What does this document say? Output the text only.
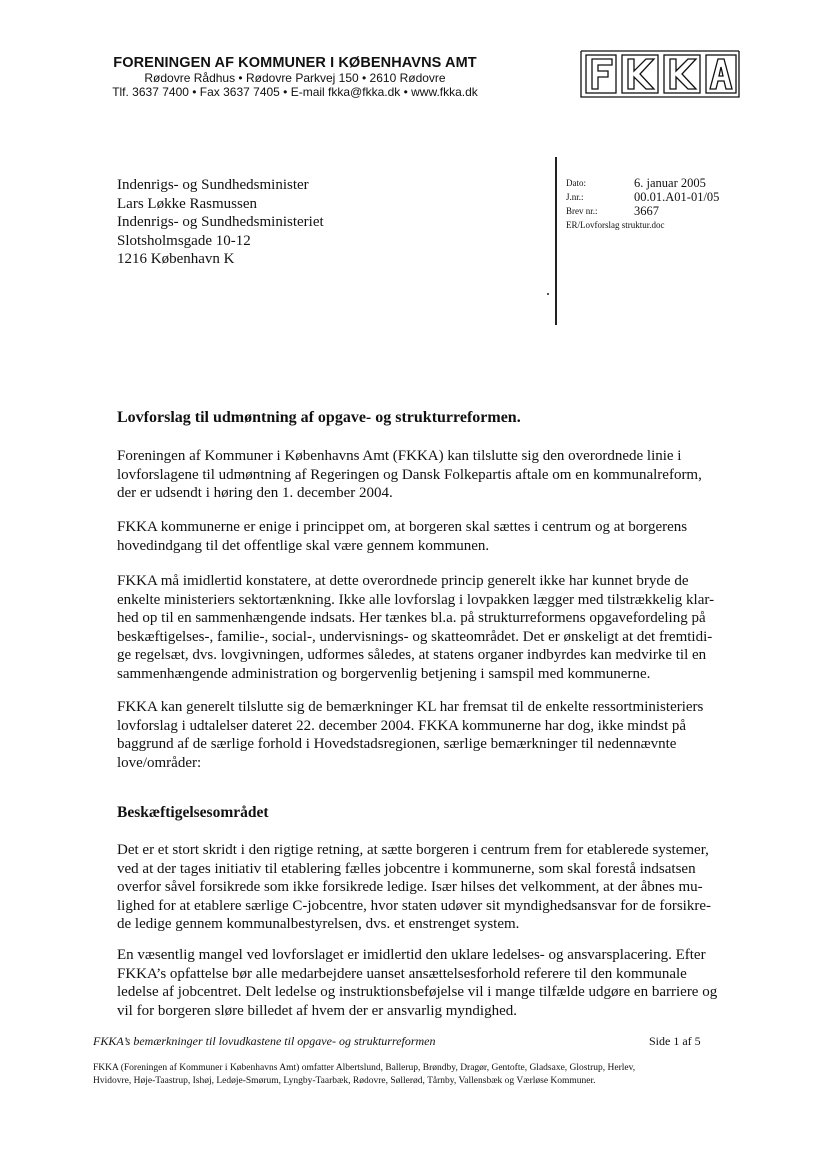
FORENINGEN AF KOMMUNER I KØBENHAVNS AMT
Rødovre Rådhus • Rødovre Parkvej 150 • 2610 Rødovre
Tlf. 3637 7400 • Fax 3637 7405 • E-mail fkka@fkka.dk • www.fkka.dk
Indenrigs- og Sundhedsminister
Lars Løkke Rasmussen
Indenrigs- og Sundhedsministeriet
Slotsholmsgade 10-12
1216 København K
Dato:	6. januar 2005
J.nr.:	00.01.A01-01/05
Brev nr.:	3667
ER/Lovforslag struktur.doc
Lovforslag til udmøntning af opgave- og strukturreformen.
Foreningen af Kommuner i Københavns Amt (FKKA) kan tilslutte sig den overordnede linie i
lovforslagene til udmøntning af Regeringen og Dansk Folkepartis aftale om en kommunalreform,
der er udsendt i høring den 1. december 2004.
FKKA kommunerne er enige i princippet om, at borgeren skal sættes i centrum og at borgerens
hovedindgang til det offentlige skal være gennem kommunen.
FKKA må imidlertid konstatere, at dette overordnede princip generelt ikke har kunnet bryde de
enkelte ministeriers sektortænkning. Ikke alle lovforslag i lovpakken lægger med tilstrækkelig klar-
hed op til en sammenhængende indsats. Her tænkes bl.a. på strukturreformens opgavefordeling på
beskæftigelses-, familie-, social-, undervisnings- og skatteområdet. Det er ønskeligt at det fremtidi-
ge regelsæt, dvs. lovgivningen, udformes således, at statens organer indbyrdes kan medvirke til en
sammenhængende administration og borgervenlig betjening i samspil med kommunerne.
FKKA kan generelt tilslutte sig de bemærkninger KL har fremsat til de enkelte ressortministeriers
lovforslag i udtalelser dateret 22. december 2004. FKKA kommunerne har dog, ikke mindst på
baggrund af de særlige forhold i Hovedstadsregionen, særlige bemærkninger til nedennævnte
love/områder:
Beskæftigelsesområdet
Det er et stort skridt i den rigtige retning, at sætte borgeren i centrum frem for etablerede systemer,
ved at der tages initiativ til etablering fælles jobcentre i kommunerne, som skal forestå indsatsen
overfor såvel forsikrede som ikke forsikrede ledige. Især hilses det velkomment, at der åbnes mu-
lighed for at etablere særlige C-jobcentre, hvor staten udøver sit myndighedsansvar for de forsikre-
de ledige gennem kommunalbestyrelsen, dvs. et enstrenget system.
En væsentlig mangel ved lovforslaget er imidlertid den uklare ledelses- og ansvarsplacering. Efter
FKKA’s opfattelse bør alle medarbejdere uanset ansættelsesforhold referere til den kommunale
ledelse af jobcentret. Delt ledelse og instruktionsbeføjelse vil i mange tilfælde udgøre en barriere og
vil for borgeren sløre billedet af hvem der er ansvarlig myndighed.
FKKA’s bemærkninger til lovudkastene til opgave- og strukturreformen	Side 1 af 5
FKKA (Foreningen af Kommuner i Københavns Amt) omfatter Albertslund, Ballerup, Brøndby, Dragør, Gentofte, Gladsaxe, Glostrup, Herlev,
Hvidovre, Høje-Taastrup, Ishøj, Ledøje-Smørum, Lyngby-Taarbæk, Rødovre, Søllerød, Tårnby, Vallensbæk og Værløse Kommuner.
